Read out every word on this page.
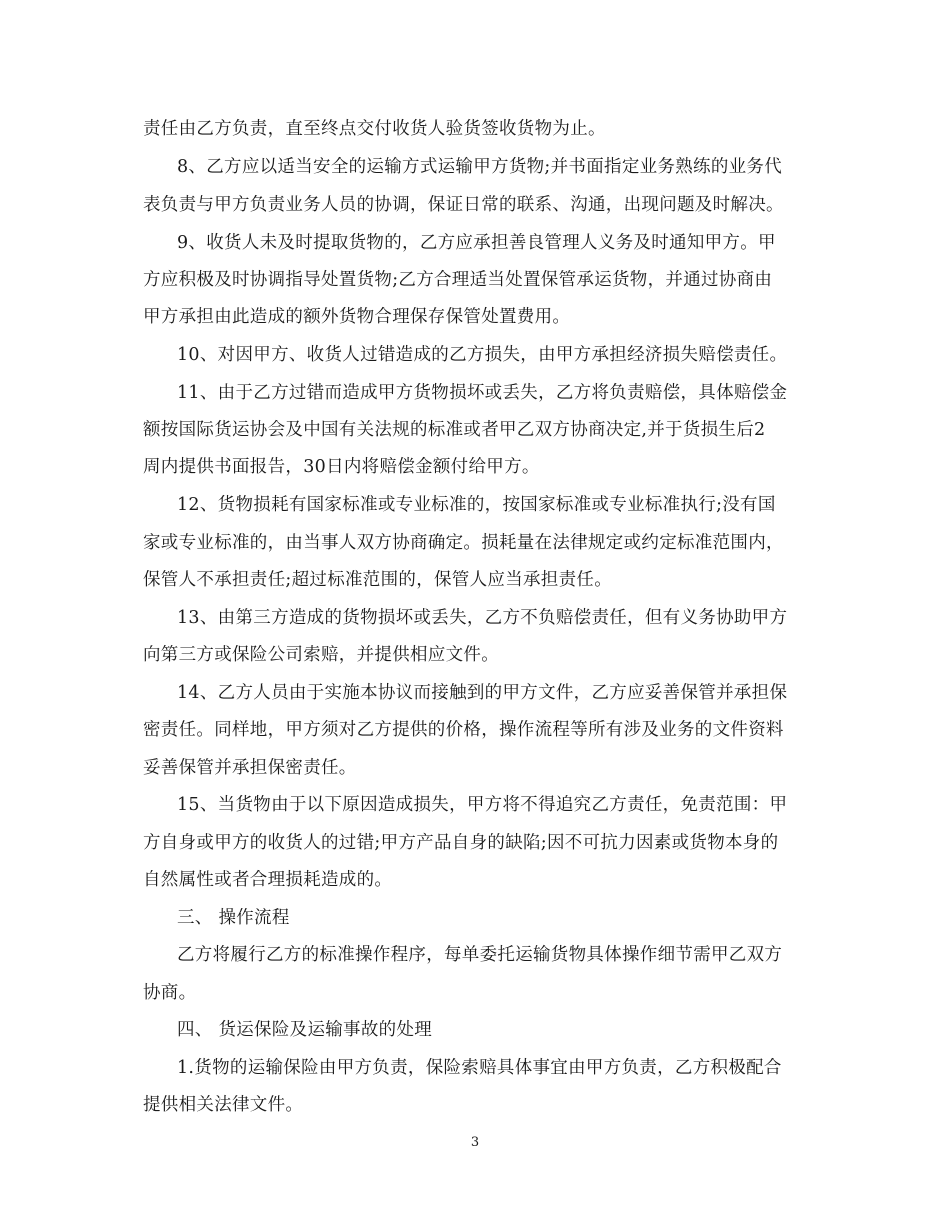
责任由乙方负责，直至终点交付收货人验货签收货物为止。
8、乙方应以适当安全的运输方式运输甲方货物;并书面指定业务熟练的业务代
表负责与甲方负责业务人员的协调，保证日常的联系、沟通，出现问题及时解决。
9、收货人未及时提取货物的，乙方应承担善良管理人义务及时通知甲方。甲
方应积极及时协调指导处置货物;乙方合理适当处置保管承运货物，并通过协商由
甲方承担由此造成的额外货物合理保存保管处置费用。
10、对因甲方、收货人过错造成的乙方损失，由甲方承担经济损失赔偿责任。
11、由于乙方过错而造成甲方货物损坏或丢失，乙方将负责赔偿，具体赔偿金
额按国际货运协会及中国有关法规的标准或者甲乙双方协商决定,并于货损生后2
周内提供书面报告，30日内将赔偿金额付给甲方。
12、货物损耗有国家标准或专业标准的，按国家标准或专业标准执行;没有国
家或专业标准的，由当事人双方协商确定。损耗量在法律规定或约定标准范围内，
保管人不承担责任;超过标准范围的，保管人应当承担责任。
13、由第三方造成的货物损坏或丢失，乙方不负赔偿责任，但有义务协助甲方
向第三方或保险公司索赔，并提供相应文件。
14、乙方人员由于实施本协议而接触到的甲方文件，乙方应妥善保管并承担保
密责任。同样地，甲方须对乙方提供的价格，操作流程等所有涉及业务的文件资料
妥善保管并承担保密责任。
15、当货物由于以下原因造成损失，甲方将不得追究乙方责任，免责范围：甲
方自身或甲方的收货人的过错;甲方产品自身的缺陷;因不可抗力因素或货物本身的
自然属性或者合理损耗造成的。
三、 操作流程
乙方将履行乙方的标准操作程序，每单委托运输货物具体操作细节需甲乙双方
协商。
四、 货运保险及运输事故的处理
1.货物的运输保险由甲方负责，保险索赔具体事宜由甲方负责，乙方积极配合
提供相关法律文件。
3
